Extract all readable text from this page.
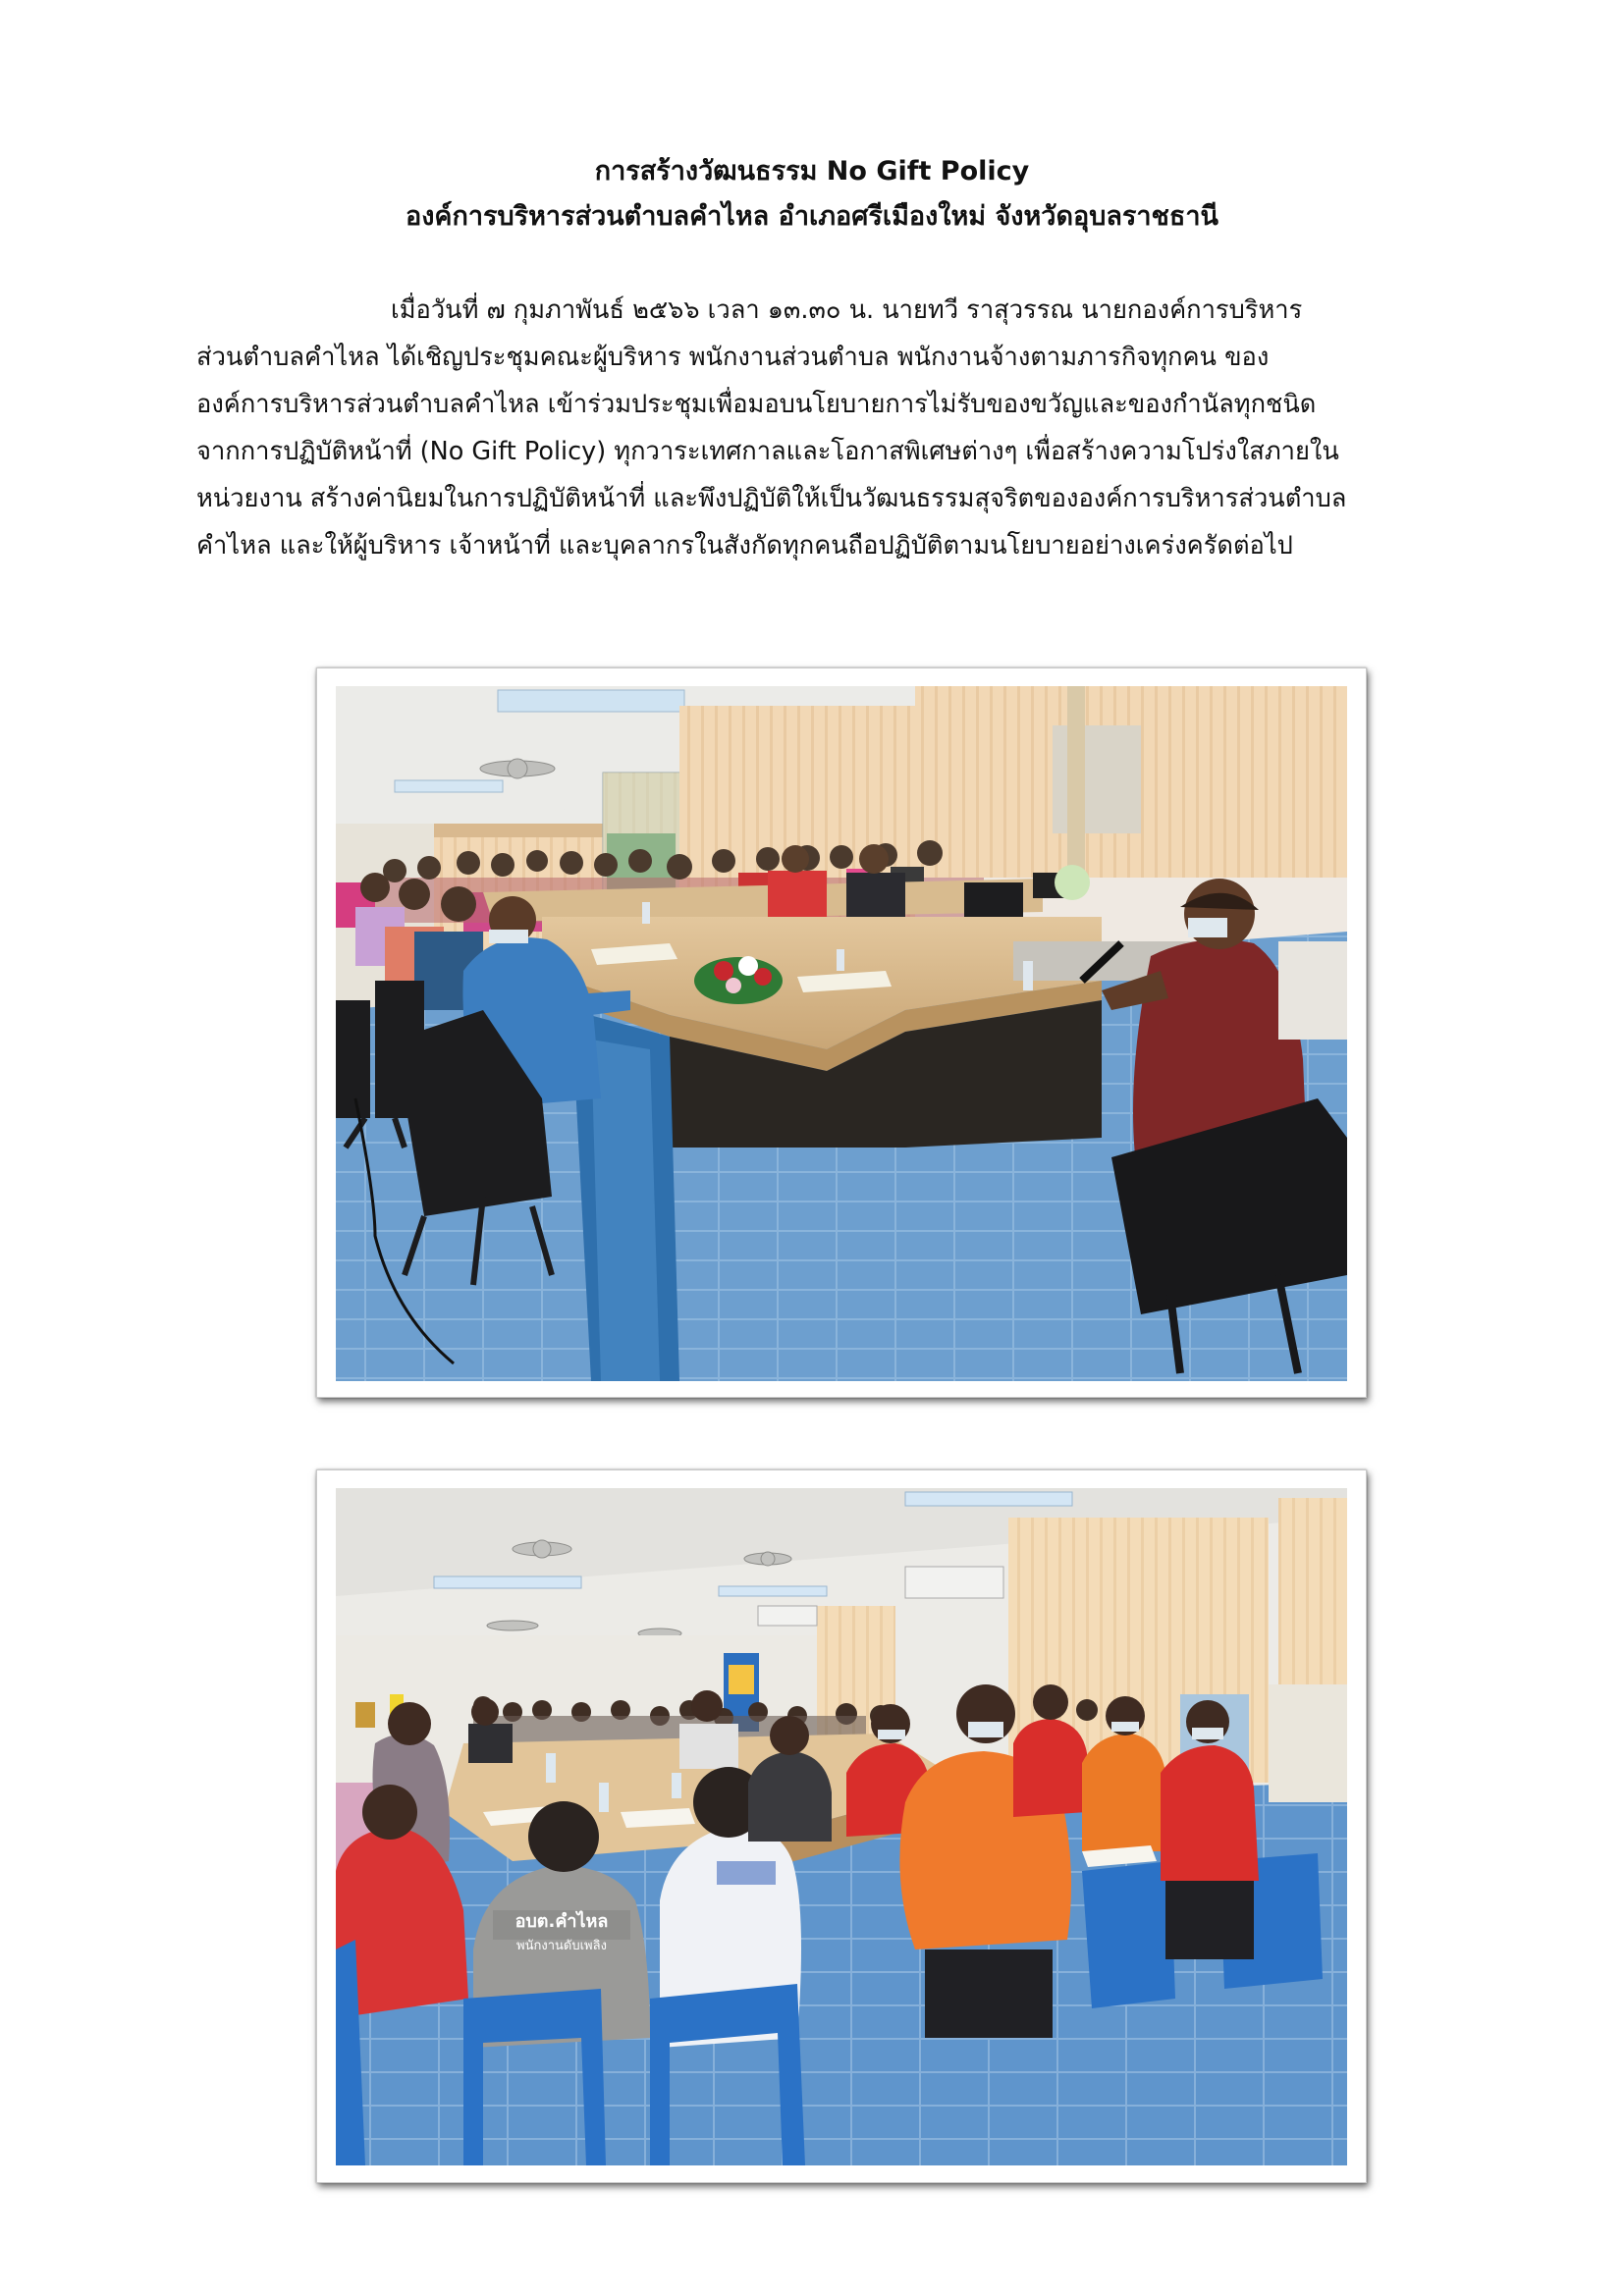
การสร้างวัฒนธรรม No Gift Policy
องค์การบริหารส่วนตำบลคำไหล อำเภอศรีเมืองใหม่ จังหวัดอุบลราชธานี
เมื่อวันที่ ๗ กุมภาพันธ์ ๒๕๖๖ เวลา ๑๓.๓๐ น. นายทวี ราสุวรรณ นายกองค์การบริหาร
ส่วนตำบลคำไหล ได้เชิญประชุมคณะผู้บริหาร พนักงานส่วนตำบล พนักงานจ้างตามภารกิจทุกคน ของ
องค์การบริหารส่วนตำบลคำไหล เข้าร่วมประชุมเพื่อมอบนโยบายการไม่รับของขวัญและของกำนัลทุกชนิด
จากการปฏิบัติหน้าที่ (No Gift Policy) ทุกวาระเทศกาลและโอกาสพิเศษต่างๆ เพื่อสร้างความโปร่งใสภายใน
หน่วยงาน สร้างค่านิยมในการปฏิบัติหน้าที่ และพึงปฏิบัติให้เป็นวัฒนธรรมสุจริตขององค์การบริหารส่วนตำบล
คำไหล และให้ผู้บริหาร เจ้าหน้าที่ และบุคลากรในสังกัดทุกคนถือปฏิบัติตามนโยบายอย่างเคร่งครัดต่อไป
อบต.คำไหล
พนักงานดับเพลิง
